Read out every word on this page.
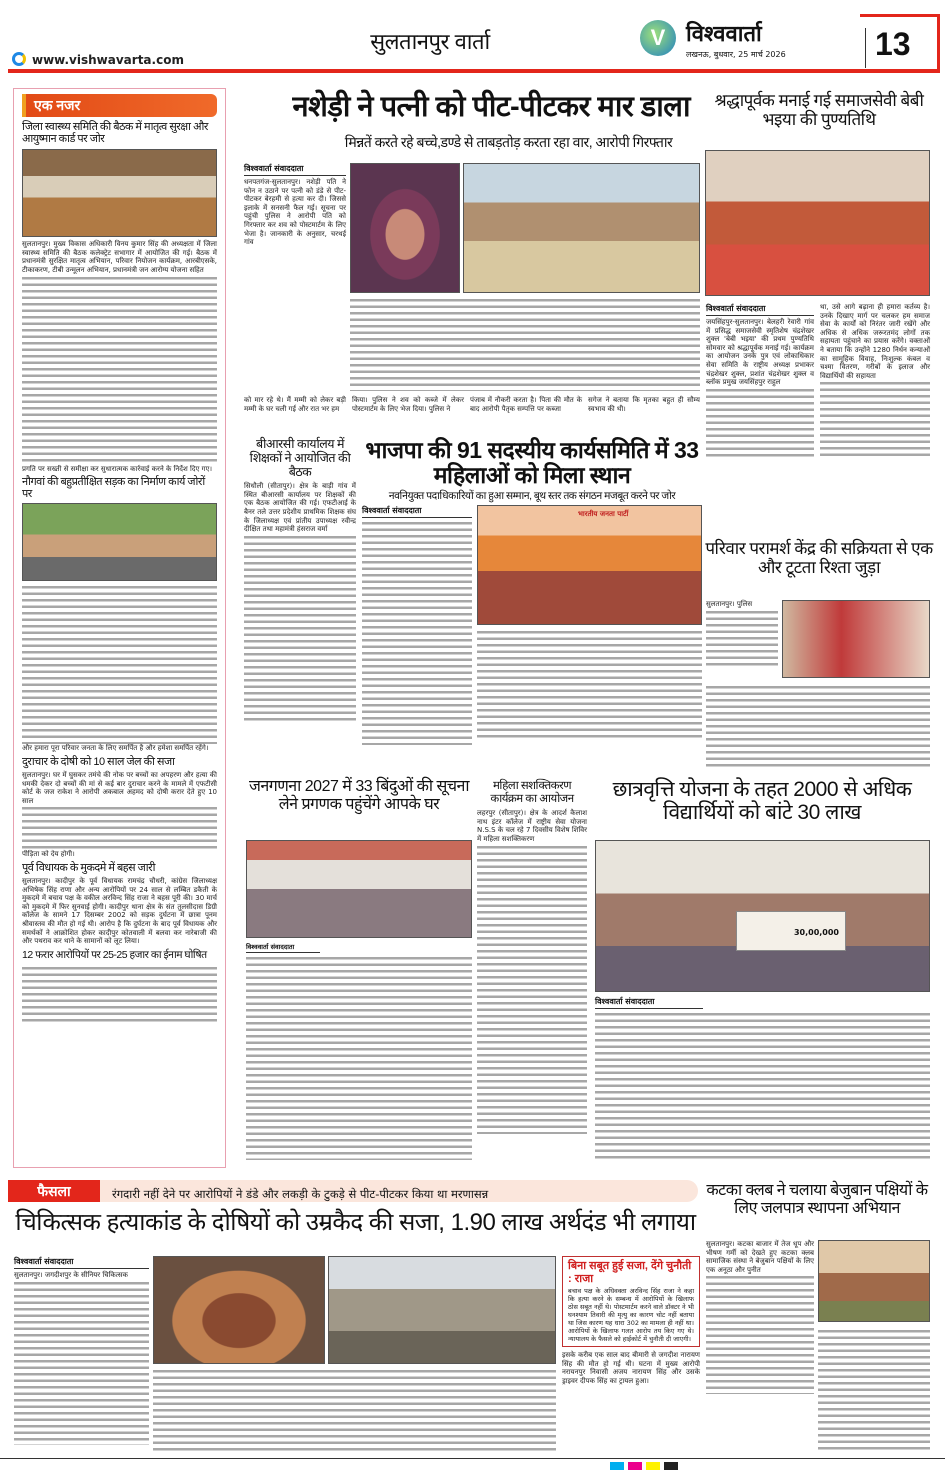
www.vishwavarta.com
सुलतानपुर वार्ता	V विश्ववार्ता
लखनऊ, बुधवार, 25 मार्च 2026	13
एक नजर
जिला स्वास्थ्य समिति की बैठक में मातृत्व सुरक्षा और आयुष्मान कार्ड पर जोर
सुलतानपुर। मुख्य विकास अधिकारी विनय कुमार सिंह की अध्यक्षता में जिला स्वास्थ्य समिति की बैठक कलेक्ट्रेट सभागार में आयोजित की गई। बैठक में प्रधानमंत्री सुरक्षित मातृत्व अभियान, परिवार नियोजन कार्यक्रम, आरबीएसके, टीकाकरण, टीबी उन्मूलन अभियान, प्रधानमंत्री जन आरोग्य योजना सहित
प्रगति पर सख्ती से समीक्षा कर सुधारात्मक कार्रवाई करने के निर्देश दिए गए।
नौगवां की बहुप्रतीक्षित सड़क का निर्माण कार्य जोरों पर
और हमारा पूरा परिवार जनता के लिए समर्पित है और हमेशा समर्पित रहेंगे।
दुराचार के दोषी को 10 साल जेल की सजा
सुलतानपुर। घर में घुसकर तमंचे की नोक पर बच्चों का अपहरण और हत्या की धमकी देकर दो बच्चों की मां से कई बार दुराचार करने के मामले में एफटीसी कोर्ट के जज राकेश ने आरोपी अकबाल अहमद को दोषी करार देते हुए 10 साल
पीड़िता को देय होगी।
पूर्व विधायक के मुकदमे में बहस जारी
सुलतानपुर। कादीपुर के पूर्व विधायक रामचंद्र चौधरी, कांग्रेस जिलाध्यक्ष अभिषेक सिंह राणा और अन्य आरोपियों पर 24 साल से लम्बित डकैती के मुकदमे में बचाव पक्ष के वकील अरविन्द सिंह राजा ने बहस पूरी की। 30 मार्च को मुकदमे में फिर सुनवाई होगी। कादीपुर थाना क्षेत्र के संत तुलसीदास डिग्री कॉलेज के सामने 17 दिसम्बर 2002 को सड़क दुर्घटना में छात्रा पूनम श्रीवास्तव की मौत हो गई थी। आरोप है कि दुर्घटना के बाद पूर्व विधायक और समर्थकों ने आक्रोशित होकर कादीपुर कोतवाली में बलवा कर नारेबाजी की और पथराव कर थाने के सामानों को लूट लिया।
12 फरार आरोपियों पर 25-25 हजार का ईनाम घोषित
नशेड़ी ने पत्नी को पीट-पीटकर मार डाला
मिन्नतें करते रहे बच्चे,डण्डे से ताबड़तोड़ करता रहा वार, आरोपी गिरफ्तार
विश्ववार्ता संवाददाता
धनपतगंज-सुलतानपुर। नशेड़ी पति ने फोन न उठाने पर पत्नी को डंडे से पीट-पीटकर बेरहमी से हत्या कर दी। जिससे इलाके में सनसनी फैल गई। सूचना पर पहुंची पुलिस ने आरोपी पति को गिरफ्तार कर शव को पोस्टमार्टम के लिए भेजा है। जानकारी के अनुसार, चरथई गांव
को मार रहे थे। मैं मम्मी को लेकर बड़ी मम्मी के घर चली गई और रात भर हम
किया। पुलिस ने शव को कब्जे में लेकर पोस्टमार्टम के लिए भेज दिया। पुलिस ने
पंजाब में नौकरी करता है। पिता की मौत के बाद आरोपी पैतृक सम्पत्ति पर कब्जा
सगेज ने बताया कि मृतका बहुत ही सौम्य स्वभाव की थी।
श्रद्धापूर्वक मनाई गई समाजसेवी बेबी भइया की पुण्यतिथि
विश्ववार्ता संवाददाता
जयसिंहपुर-सुलतानपुर। बेलहरी रेवारी गांव में प्रसिद्ध समाजसेवी स्मृतिशेष चंद्रशेखर शुक्ल 'बेबी भइया' की प्रथम पुण्यतिथि सोमवार को श्रद्धापूर्वक मनाई गई। कार्यक्रम का आयोजन उनके पुत्र एवं लोकाधिकार सेवा समिति के राष्ट्रीय अध्यक्ष प्रभाकर चंद्रशेखर शुक्ल, प्रशांत चंद्रशेखर शुक्ल व ब्लॉक प्रमुख जयसिंहपुर राहुल
था, उसे आगे बढ़ाना ही हमारा कर्तव्य है। उनके दिखाए मार्ग पर चलकर हम समाज सेवा के कार्यों को निरंतर जारी रखेंगे और अधिक से अधिक जरूरतमंद लोगों तक सहायता पहुंचाने का प्रयास करेंगे। वक्ताओं ने बताया कि उन्होंने 1280 निर्धन कन्याओं का सामूहिक विवाह, निःशुल्क कंबल व चश्मा वितरण, गरीबों के इलाज और विद्यार्थियों की सहायता
परिवार परामर्श केंद्र की सक्रियता से एक और टूटता रिश्ता जुड़ा
सुलतानपुर। पुलिस
बीआरसी कार्यालय में शिक्षकों ने आयोजित की बैठक
सिधौली (सीतापुर)। क्षेत्र के बाड़ी गांव में स्थित बीआरसी कार्यालय पर शिक्षकों की एक बैठक आयोजित की गई। एफटीआई के बैनर तले उत्तर प्रदेशीय प्राथमिक शिक्षक संघ के जिलाध्यक्ष एवं प्रांतीय उपाध्यक्ष रवीन्द्र दीक्षित तथा महामंत्री हंसराज वर्मा
भाजपा की 91 सदस्यीय कार्यसमिति में 33 महिलाओं को मिला स्थान
नवनियुक्त पदाधिकारियों का हुआ सम्मान, बूथ स्तर तक संगठन मजबूत करने पर जोर
विश्ववार्ता संवाददाता	भारतीय जनता पार्टी
जनगणना 2027 में 33 बिंदुओं की सूचना लेने प्रगणक पहुंचेंगे आपके घर
विश्ववार्ता संवाददाता
महिला सशक्तिकरण कार्यक्रम का आयोजन
लहरपुर (सीतापुर)। क्षेत्र के आदर्श कैलाश नाथ इंटर कॉलेज में राष्ट्रीय सेवा योजना N.S.S के चल रहे 7 दिवसीय विशेष शिविर में महिला सशक्तिकरण
छात्रवृत्ति योजना के तहत 2000 से अधिक विद्यार्थियों को बांटे 30 लाख
30,00,000
विश्ववार्ता संवाददाता
फैसला	रंगदारी नहीं देने पर आरोपियों ने डंडे और लकड़ी के टुकड़े से पीट-पीटकर किया था मरणासन्न
चिकित्सक हत्याकांड के दोषियों को उम्रकैद की सजा, 1.90 लाख अर्थदंड भी लगाया
विश्ववार्ता संवाददाता
सुलतानपुर। जगदीशपुर के सीनियर चिकित्सक
बिना सबूत हुई सजा, देंगे चुनौती : राजा
बचाव पक्ष के अधिवक्ता अरविन्द सिंह राजा ने कहा कि हत्या करने के सम्बन्ध में आरोपियों के खिलाफ ठोस सबूत नहीं थे। पोस्टमार्टम करने वाले डॉक्टर ने भी घनश्याम तिवारी की मृत्यु का कारण चोट नहीं बताया था जिस कारण यह धारा 302 का मामला ही नहीं था। आरोपियों के खिलाफ गलत आरोप तय किए गए थे। न्यायालय के फैसले को हाईकोर्ट में चुनौती दी जाएगी।
इसके करीब एक साल बाद बीमारी से जगदीश नारायण सिंह की मौत हो गई थी। घटना में मुख्य आरोपी नरायनपुर निवासी अजय नारायण सिंह और उसके ड्राइवर दीपक सिंह का ट्रायल हुआ।
कटका क्लब ने चलाया बेजुबान पक्षियों के लिए जलपात्र स्थापना अभियान
सुलतानपुर। कटका बाजार में तेज धूप और भीषण गर्मी को देखते हुए कटका क्लब सामाजिक संस्था ने बेजुबान पक्षियों के लिए एक अनूठा और पुनीत
